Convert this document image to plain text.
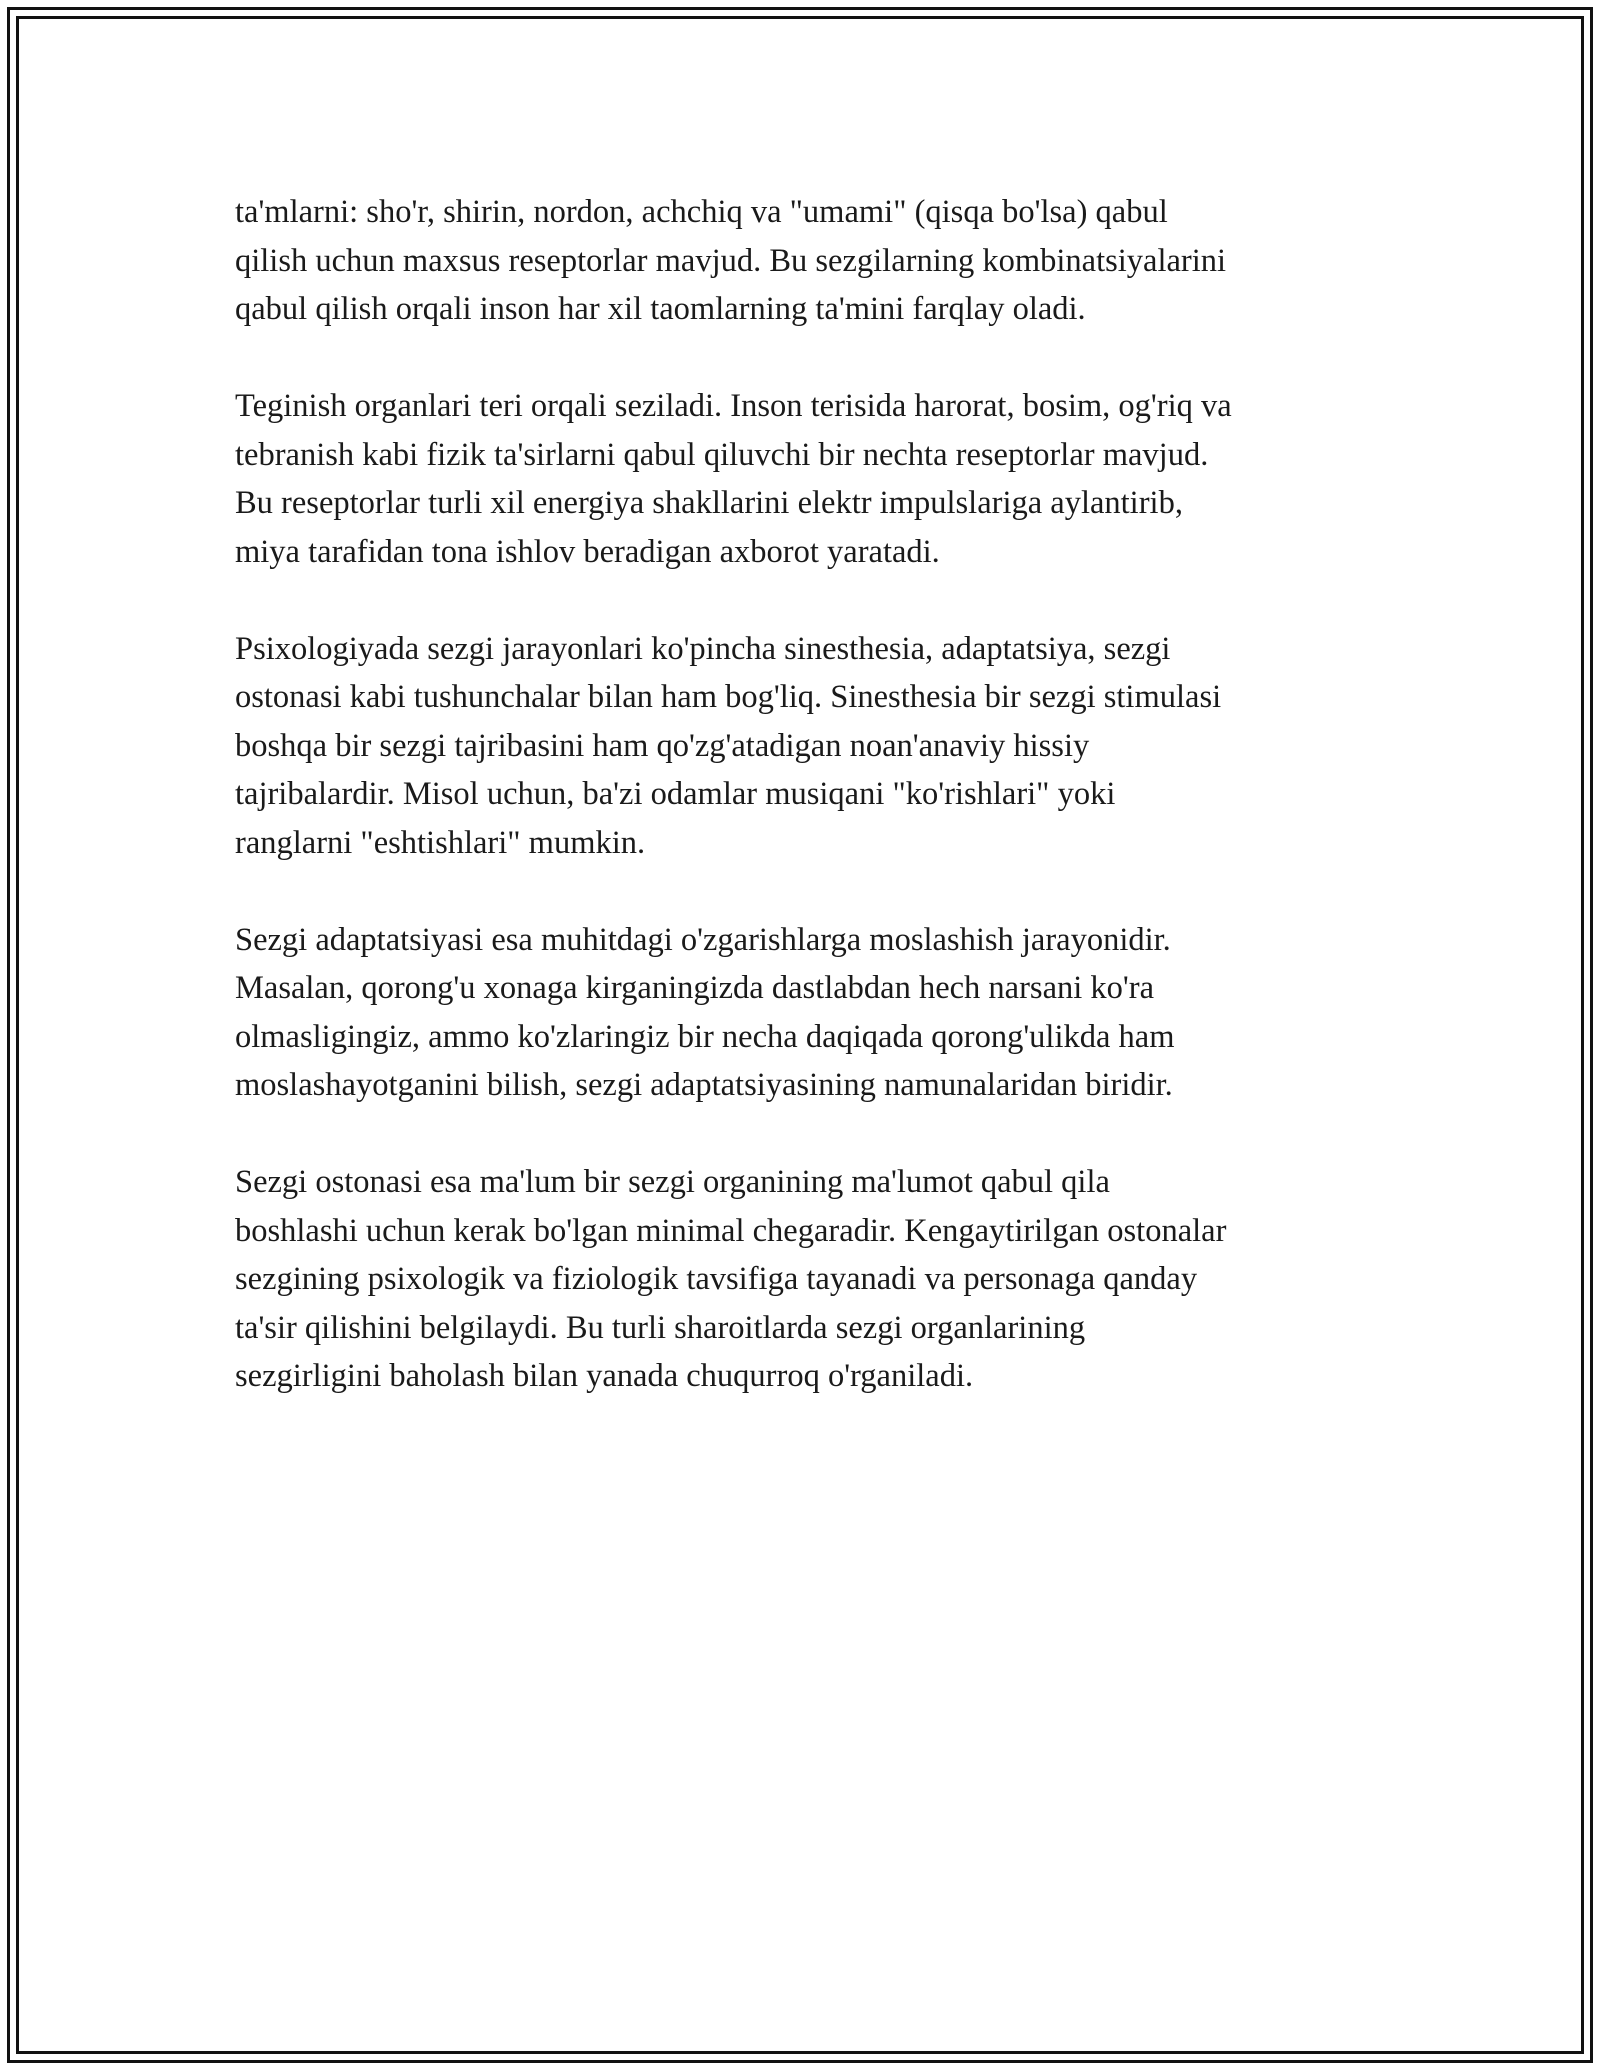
ta'mlarni: sho'r, shirin, nordon, achchiq va "umami" (qisqa bo'lsa) qabul
qilish uchun maxsus reseptorlar mavjud. Bu sezgilarning kombinatsiyalarini
qabul qilish orqali inson har xil taomlarning ta'mini farqlay oladi.

Teginish organlari teri orqali seziladi. Inson terisida harorat, bosim, og'riq va
tebranish kabi fizik ta'sirlarni qabul qiluvchi bir nechta reseptorlar mavjud.
Bu reseptorlar turli xil energiya shakllarini elektr impulslariga aylantirib,
miya tarafidan tona ishlov beradigan axborot yaratadi.

Psixologiyada sezgi jarayonlari ko'pincha sinesthesia, adaptatsiya, sezgi
ostonasi kabi tushunchalar bilan ham bog'liq. Sinesthesia bir sezgi stimulasi
boshqa bir sezgi tajribasini ham qo'zg'atadigan noan'anaviy hissiy
tajribalardir. Misol uchun, ba'zi odamlar musiqani "ko'rishlari" yoki
ranglarni "eshtishlari" mumkin.

Sezgi adaptatsiyasi esa muhitdagi o'zgarishlarga moslashish jarayonidir.
Masalan, qorong'u xonaga kirganingizda dastlabdan hech narsani ko'ra
olmasligingiz, ammo ko'zlaringiz bir necha daqiqada qorong'ulikda ham
moslashayotganini bilish, sezgi adaptatsiyasining namunalaridan biridir.

Sezgi ostonasi esa ma'lum bir sezgi organining ma'lumot qabul qila
boshlashi uchun kerak bo'lgan minimal chegaradir. Kengaytirilgan ostonalar
sezgining psixologik va fiziologik tavsifiga tayanadi va personaga qanday
ta'sir qilishini belgilaydi. Bu turli sharoitlarda sezgi organlarining
sezgirligini baholash bilan yanada chuqurroq o'rganiladi.
